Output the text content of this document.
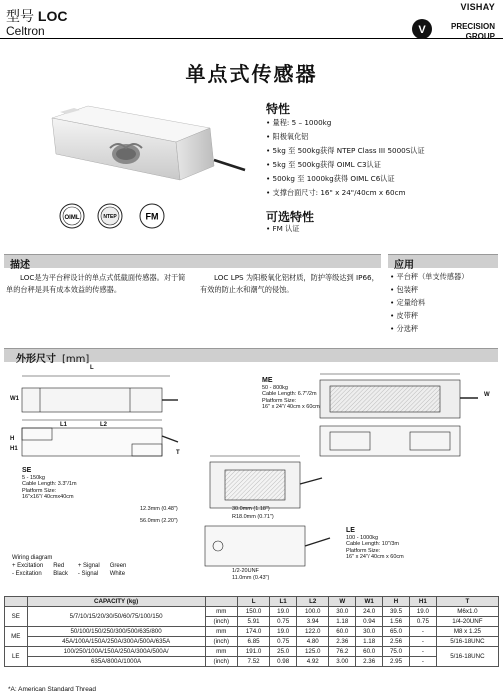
型号 LOC
Celtron
VISHAY
V	PRECISION
GROUP
单点式传感器
OIML	NTEP	FM
特性
• 量程: 5 – 1000kg
• 阳极氧化铝
• 5kg 至 500kg获得 NTEP Class III 5000S认证
• 5kg 至 500kg获得 OIML C3认证
• 500kg 至 1000kg获得 OIML C6认证
• 支撑台面尺寸: 16" x 24"/40cm x 60cm
可选特性
• FM 认证
描述	应用

LOC是为平台秤设计的单点式低截面传感器。对于简单的台秤是具有成本效益的传感器。

LOC LPS 为阳极氧化铝材质，防护等级达到 IP66，有效的防止水和潮气的侵蚀。

• 平台秤（单支传感器）
• 包装秤
• 定量给料
• 皮带秤
• 分选秤
外形尺寸 [mm]
L
W1
L1	L2
H
H1
T
W
SE
5 - 150kg
Cable Length: 3.3"/1m
Platform Size:
16"x16"/ 40cmx40cm
ME
50 - 800kg
Cable Length: 6.7"/2m
Platform Size:
16" x 24"/ 40cm x 60cm
LE
100 - 1000kg
Cable Length: 10"/3m
Platform Size:
16" x 24"/ 40cm x 60cm
12.3mm (0.48")
56.0mm (2.20")
30.0mm (1.18")
R18.0mm (0.71")
1/2-20UNF
11.0mm (0.43")
Wiring diagram
+ Excitation	Red	+ Signal	Green
- Excitation	Black	- Signal	White
	CAPACITY (kg)		L	L1	L2	W	W1	H	H1	T
SE	5/7/10/15/20/30/50/60/75/100/150	mm	150.0	19.0	100.0	30.0	24.0	39.5	19.0	M6x1.0
		(inch)	5.91	0.75	3.94	1.18	0.94	1.56	0.75	1/4-20UNF
ME	50/100/150/250/300/500/635/800	mm	174.0	19.0	122.0	60.0	30.0	65.0	-	M8 x 1.25
	45A/100A/150A/250A/300A/500A/635A	(inch)	6.85	0.75	4.80	2.36	1.18	2.56	-	5/16-18UNC
LE	100/250/100A/150A/250A/300A/500A/	mm	191.0	25.0	125.0	76.2	60.0	75.0	-	5/16-18UNC
	635A/800A/1000A	(inch)	7.52	0.98	4.92	3.00	2.36	2.95	-	
*A: American Standard Thread
